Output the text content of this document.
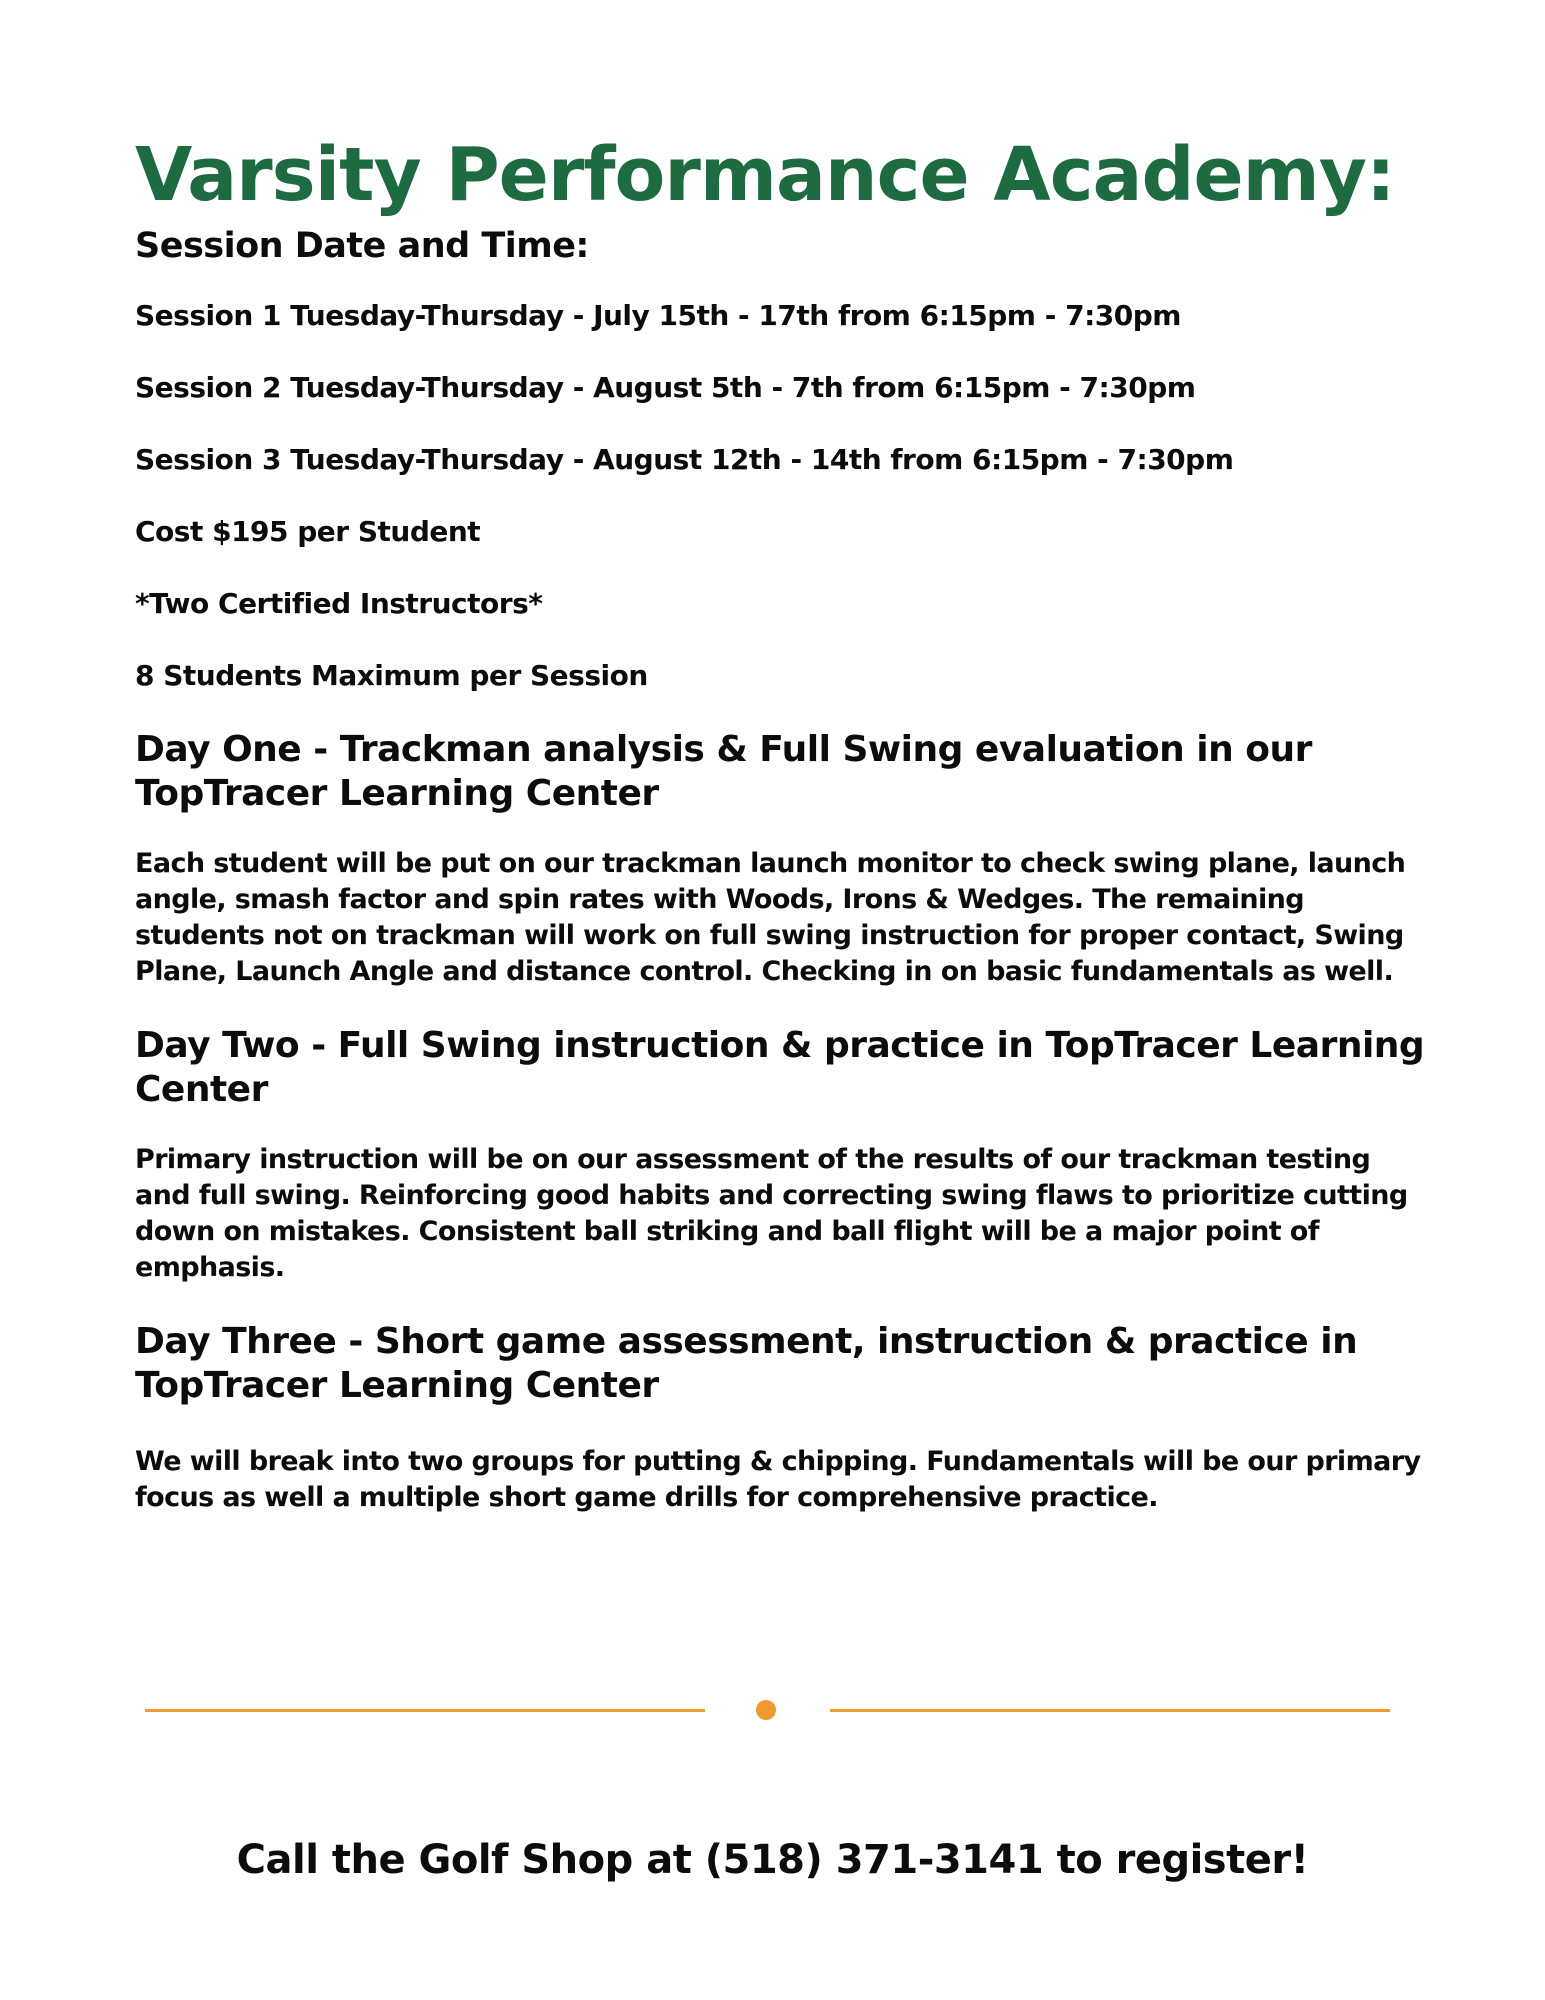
Varsity Performance Academy:
Session Date and Time:

Session 1 Tuesday-Thursday - July 15th - 17th from 6:15pm - 7:30pm

Session 2 Tuesday-Thursday - August 5th - 7th from 6:15pm - 7:30pm

Session 3 Tuesday-Thursday - August 12th - 14th from 6:15pm - 7:30pm

Cost $195 per Student

*Two Certified Instructors*

8 Students Maximum per Session

Day One - Trackman analysis & Full Swing evaluation in our TopTracer Learning Center

Each student will be put on our trackman launch monitor to check swing plane, launch angle, smash factor and spin rates with Woods, Irons & Wedges. The remaining students not on trackman will work on full swing instruction for proper contact, Swing Plane, Launch Angle and distance control. Checking in on basic fundamentals as well.

Day Two - Full Swing instruction & practice in TopTracer Learning Center

Primary instruction will be on our assessment of the results of our trackman testing and full swing. Reinforcing good habits and correcting swing flaws to prioritize cutting down on mistakes. Consistent ball striking and ball flight will be a major point of emphasis.

Day Three - Short game assessment, instruction & practice in TopTracer Learning Center

We will break into two groups for putting & chipping. Fundamentals will be our primary focus as well a multiple short game drills for comprehensive practice.

Call the Golf Shop at (518) 371-3141 to register!
